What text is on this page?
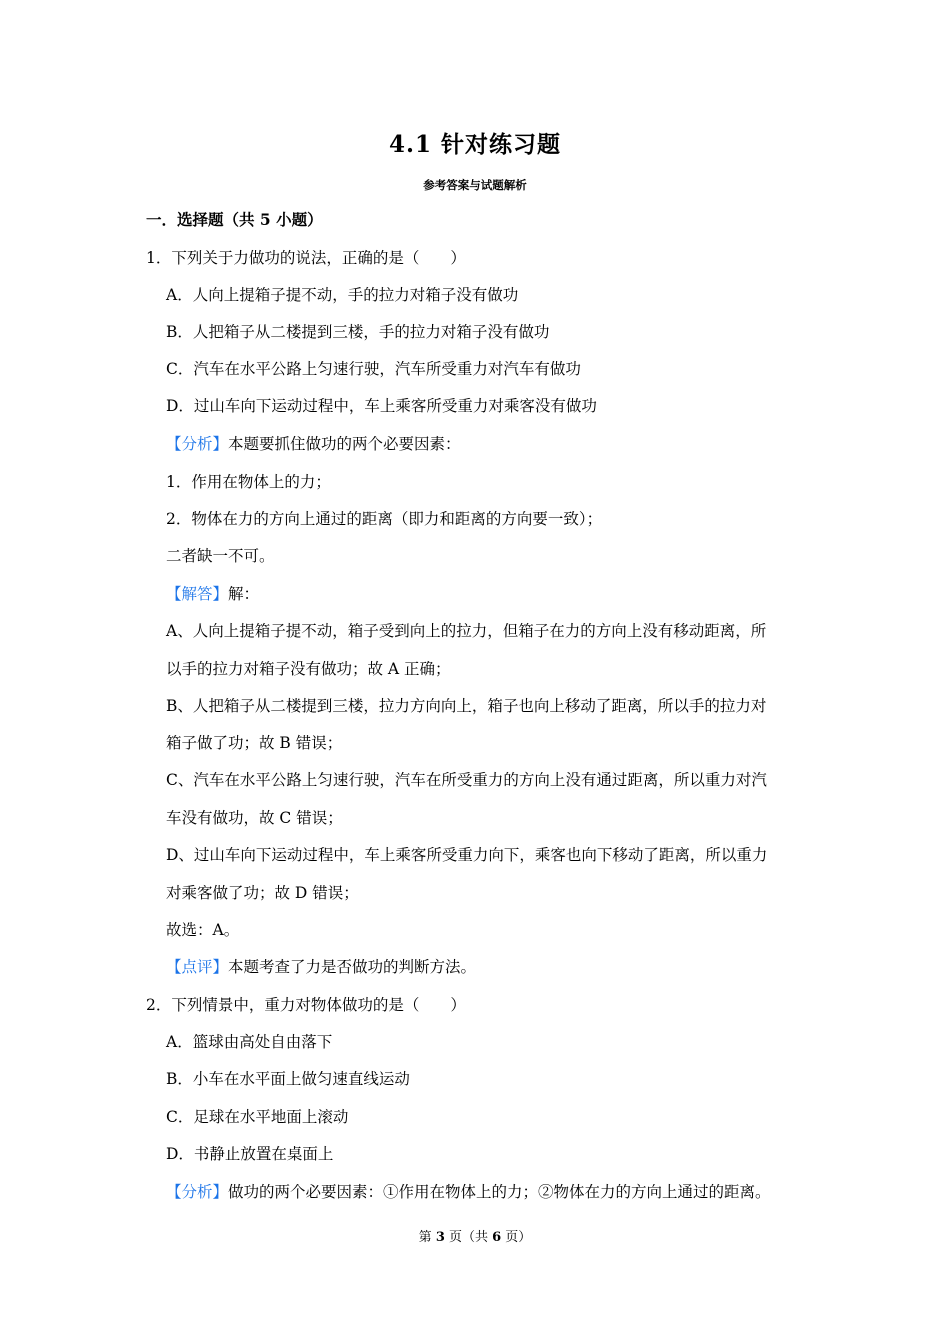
4.1 针对练习题
参考答案与试题解析
一．选择题（共 5 小题）
1．下列关于力做功的说法，正确的是（　　）
A．人向上提箱子提不动，手的拉力对箱子没有做功
B．人把箱子从二楼提到三楼，手的拉力对箱子没有做功
C．汽车在水平公路上匀速行驶，汽车所受重力对汽车有做功
D．过山车向下运动过程中，车上乘客所受重力对乘客没有做功
【分析】本题要抓住做功的两个必要因素：
1．作用在物体上的力；
2．物体在力的方向上通过的距离（即力和距离的方向要一致）；
二者缺一不可。
【解答】解：
A、人向上提箱子提不动，箱子受到向上的拉力，但箱子在力的方向上没有移动距离，所
以手的拉力对箱子没有做功；故 A 正确；
B、人把箱子从二楼提到三楼，拉力方向向上，箱子也向上移动了距离，所以手的拉力对
箱子做了功；故 B 错误；
C、汽车在水平公路上匀速行驶，汽车在所受重力的方向上没有通过距离，所以重力对汽
车没有做功，故 C 错误；
D、过山车向下运动过程中，车上乘客所受重力向下，乘客也向下移动了距离，所以重力
对乘客做了功；故 D 错误；
故选：A。
【点评】本题考查了力是否做功的判断方法。
2．下列情景中，重力对物体做功的是（　　）
A．篮球由高处自由落下
B．小车在水平面上做匀速直线运动
C．足球在水平地面上滚动
D．书静止放置在桌面上
【分析】做功的两个必要因素：①作用在物体上的力；②物体在力的方向上通过的距离。
第 3 页（共 6 页）
